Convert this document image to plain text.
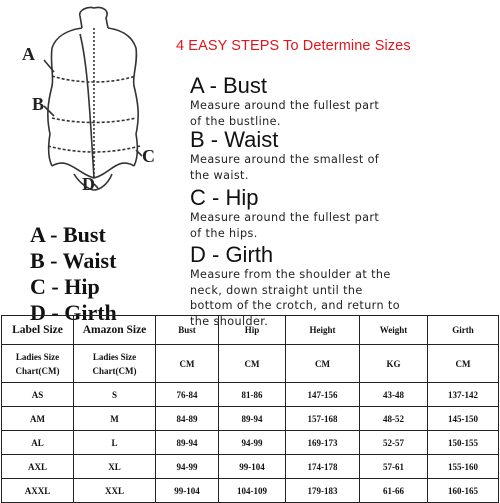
A
B
C
D
A - Bust
B - Waist
C - Hip
D - Girth
4 EASY STEPS To Determine Sizes
A - Bust
Measure around the fullest part
of the bustline.
B - Waist
Measure around the smallest of
the waist.
C - Hip
Measure around the fullest part
of the hips.
D - Girth
Measure from the shoulder at the
neck, down straight until the
bottom of the crotch, and return to
the shoulder.
Label Size	Amazon Size	Bust	Hip	Height	Weight	Girth
Ladies Size Chart(CM)	Ladies Size Chart(CM)	CM	CM	CM	KG	CM
AS	S	76-84	81-86	147-156	43-48	137-142
AM	M	84-89	89-94	157-168	48-52	145-150
AL	L	89-94	94-99	169-173	52-57	150-155
AXL	XL	94-99	99-104	174-178	57-61	155-160
AXXL	XXL	99-104	104-109	179-183	61-66	160-165
